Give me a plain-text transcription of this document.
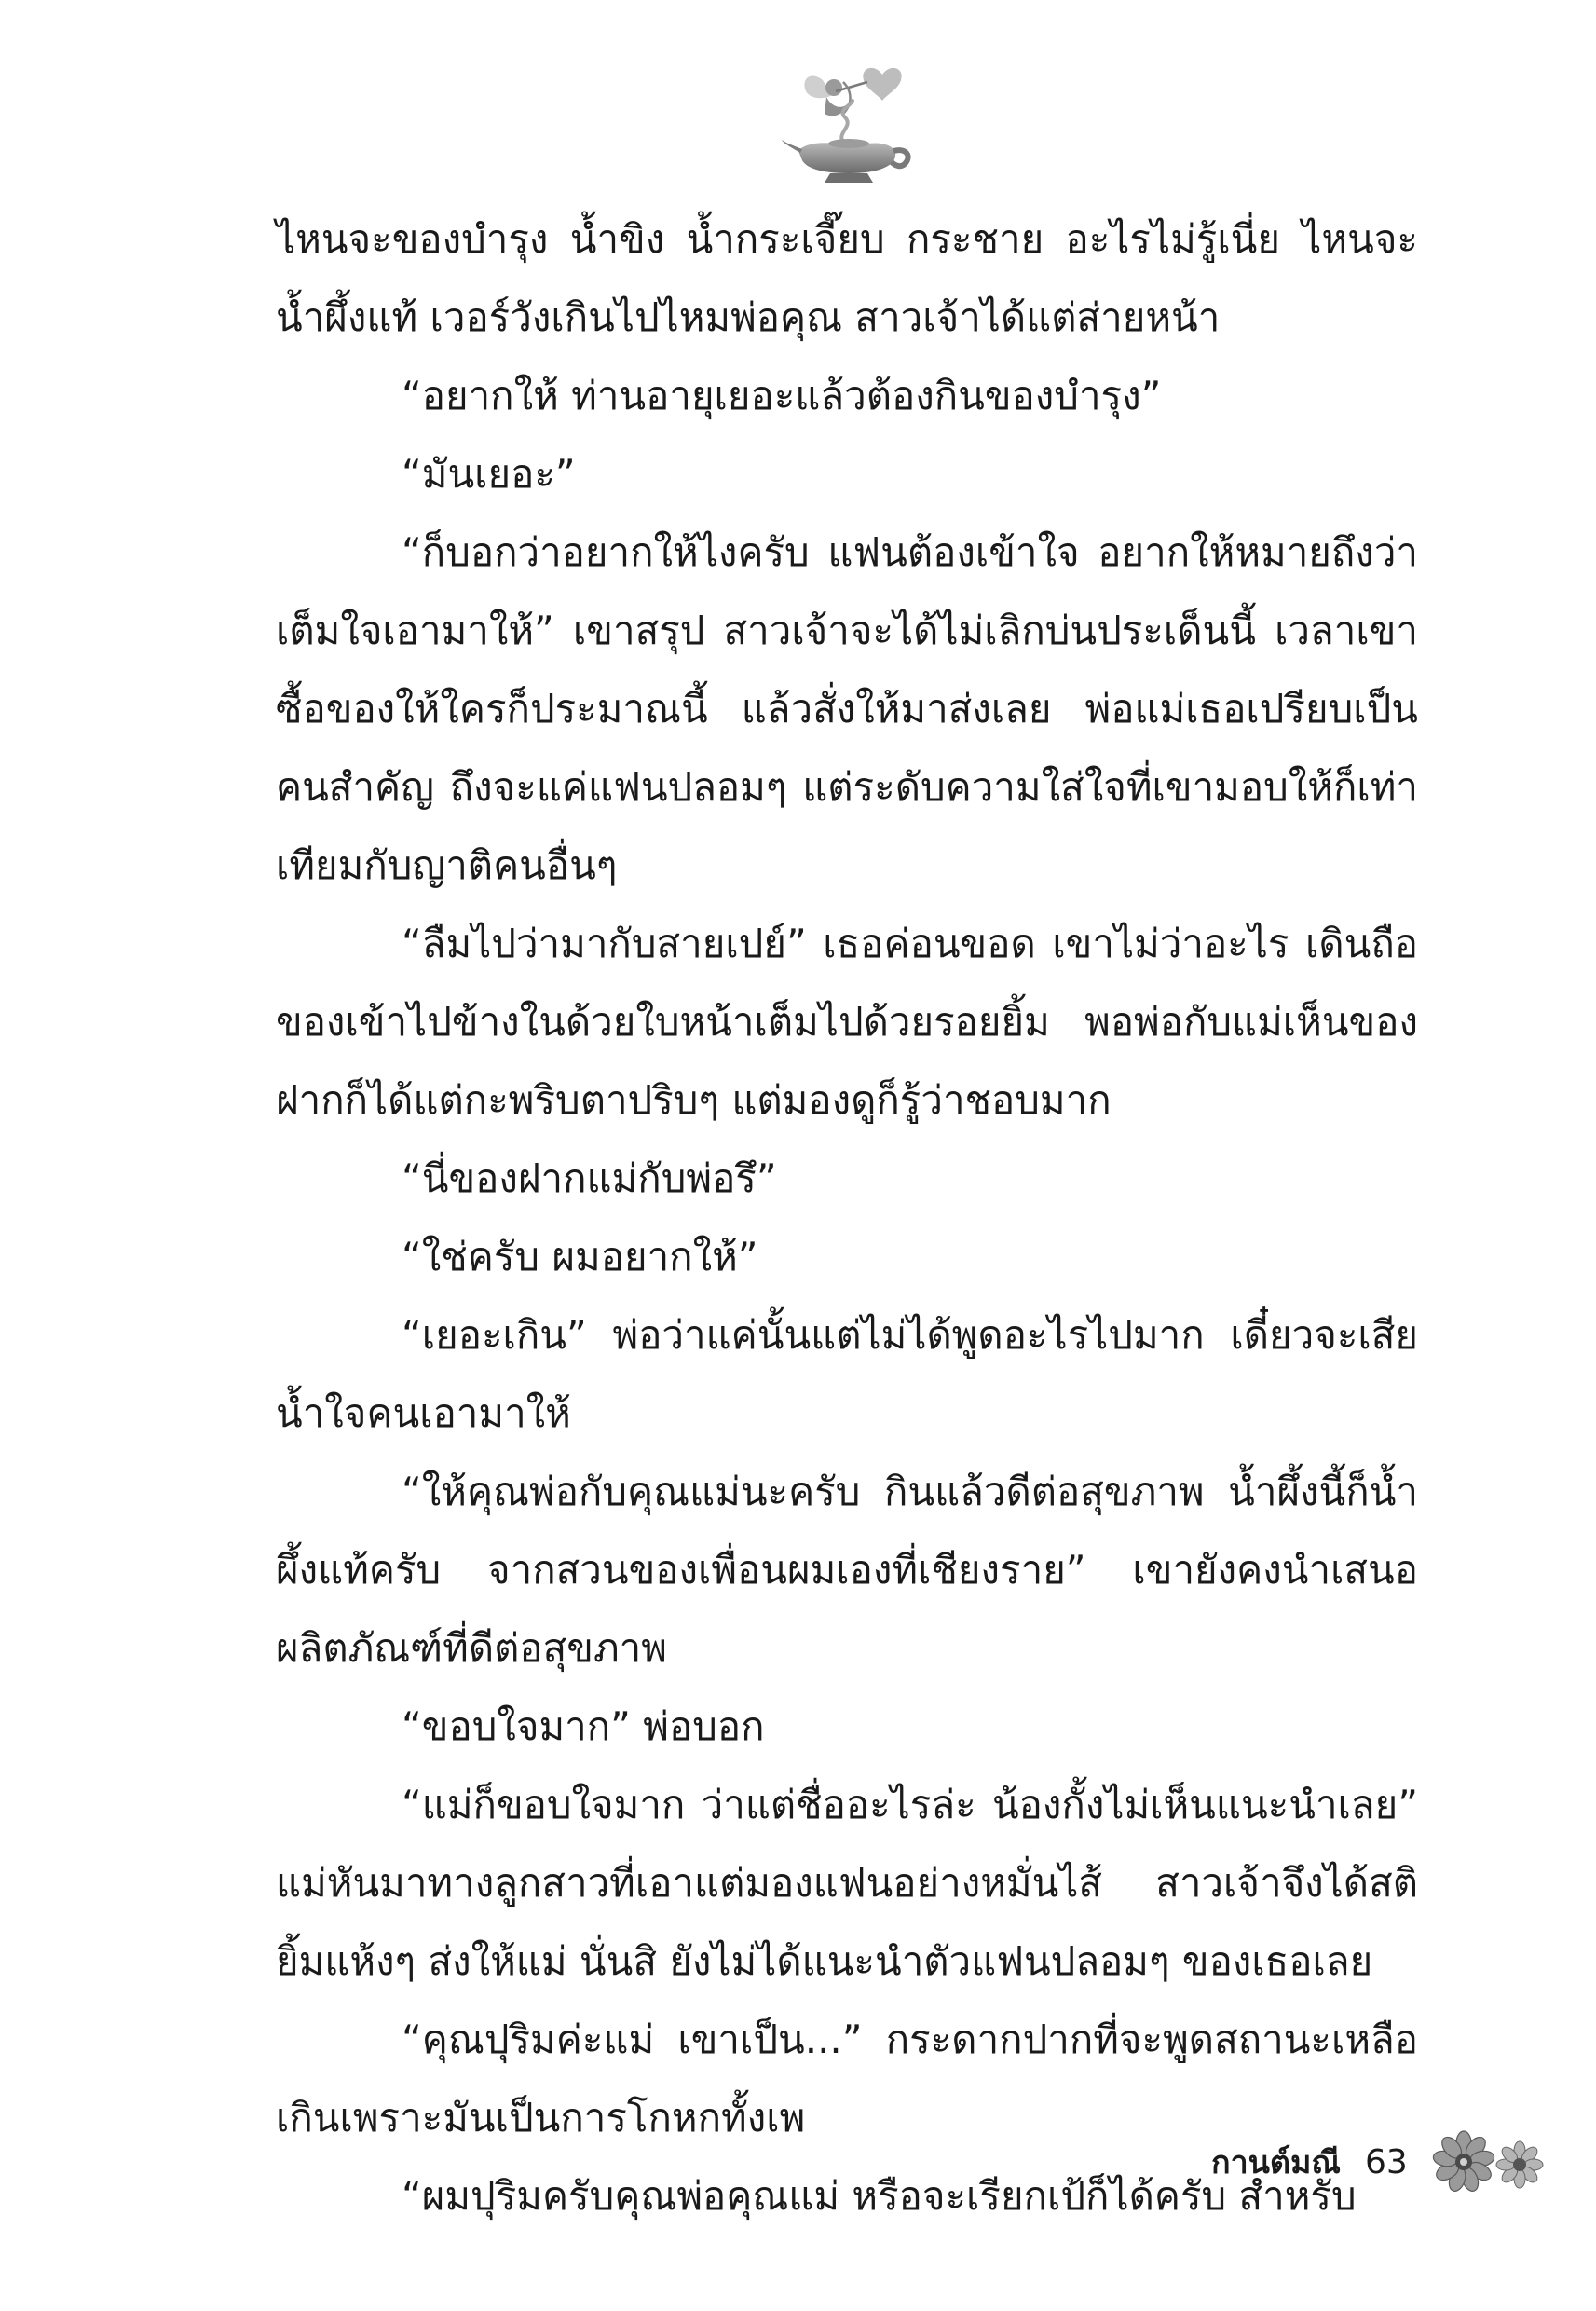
ไหนจะของบำรุง น้ำขิง น้ำกระเจี๊ยบ กระชาย อะไรไม่รู้เนี่ย ไหนจะน้ำผึ้งแท้ เวอร์วังเกินไปไหมพ่อคุณ สาวเจ้าได้แต่ส่ายหน้า

“อยากให้ ท่านอายุเยอะแล้วต้องกินของบำรุง”

“มันเยอะ”

“ก็บอกว่าอยากให้ไงครับ แฟนต้องเข้าใจ อยากให้หมายถึงว่าเต็มใจเอามาให้” เขาสรุป สาวเจ้าจะได้ไม่เลิกบ่นประเด็นนี้ เวลาเขาซื้อของให้ใครก็ประมาณนี้ แล้วสั่งให้มาส่งเลย พ่อแม่เธอเปรียบเป็นคนสำคัญ ถึงจะแค่แฟนปลอมๆ แต่ระดับความใส่ใจที่เขามอบให้ก็เท่าเทียมกับญาติคนอื่นๆ

“ลืมไปว่ามากับสายเปย์” เธอค่อนขอด เขาไม่ว่าอะไร เดินถือของเข้าไปข้างในด้วยใบหน้าเต็มไปด้วยรอยยิ้ม พอพ่อกับแม่เห็นของฝากก็ได้แต่กะพริบตาปริบๆ แต่มองดูก็รู้ว่าชอบมาก

“นี่ของฝากแม่กับพ่อรึ”

“ใช่ครับ ผมอยากให้”

“เยอะเกิน” พ่อว่าแค่นั้นแต่ไม่ได้พูดอะไรไปมาก เดี๋ยวจะเสียน้ำใจคนเอามาให้

“ให้คุณพ่อกับคุณแม่นะครับ กินแล้วดีต่อสุขภาพ น้ำผึ้งนี้ก็น้ำผึ้งแท้ครับ จากสวนของเพื่อนผมเองที่เชียงราย” เขายังคงนำเสนอผลิตภัณฑ์ที่ดีต่อสุขภาพ

“ขอบใจมาก” พ่อบอก

“แม่ก็ขอบใจมาก ว่าแต่ชื่ออะไรล่ะ น้องกั้งไม่เห็นแนะนำเลย” แม่หันมาทางลูกสาวที่เอาแต่มองแฟนอย่างหมั่นไส้ สาวเจ้าจึงได้สติยิ้มแห้งๆ ส่งให้แม่ นั่นสิ ยังไม่ได้แนะนำตัวแฟนปลอมๆ ของเธอเลย

“คุณปุริมค่ะแม่ เขาเป็น...” กระดากปากที่จะพูดสถานะเหลือเกินเพราะมันเป็นการโกหกทั้งเพ

“ผมปุริมครับคุณพ่อคุณแม่ หรือจะเรียกเป้ก็ได้ครับ สำหรับ

กานต์มณี 63
